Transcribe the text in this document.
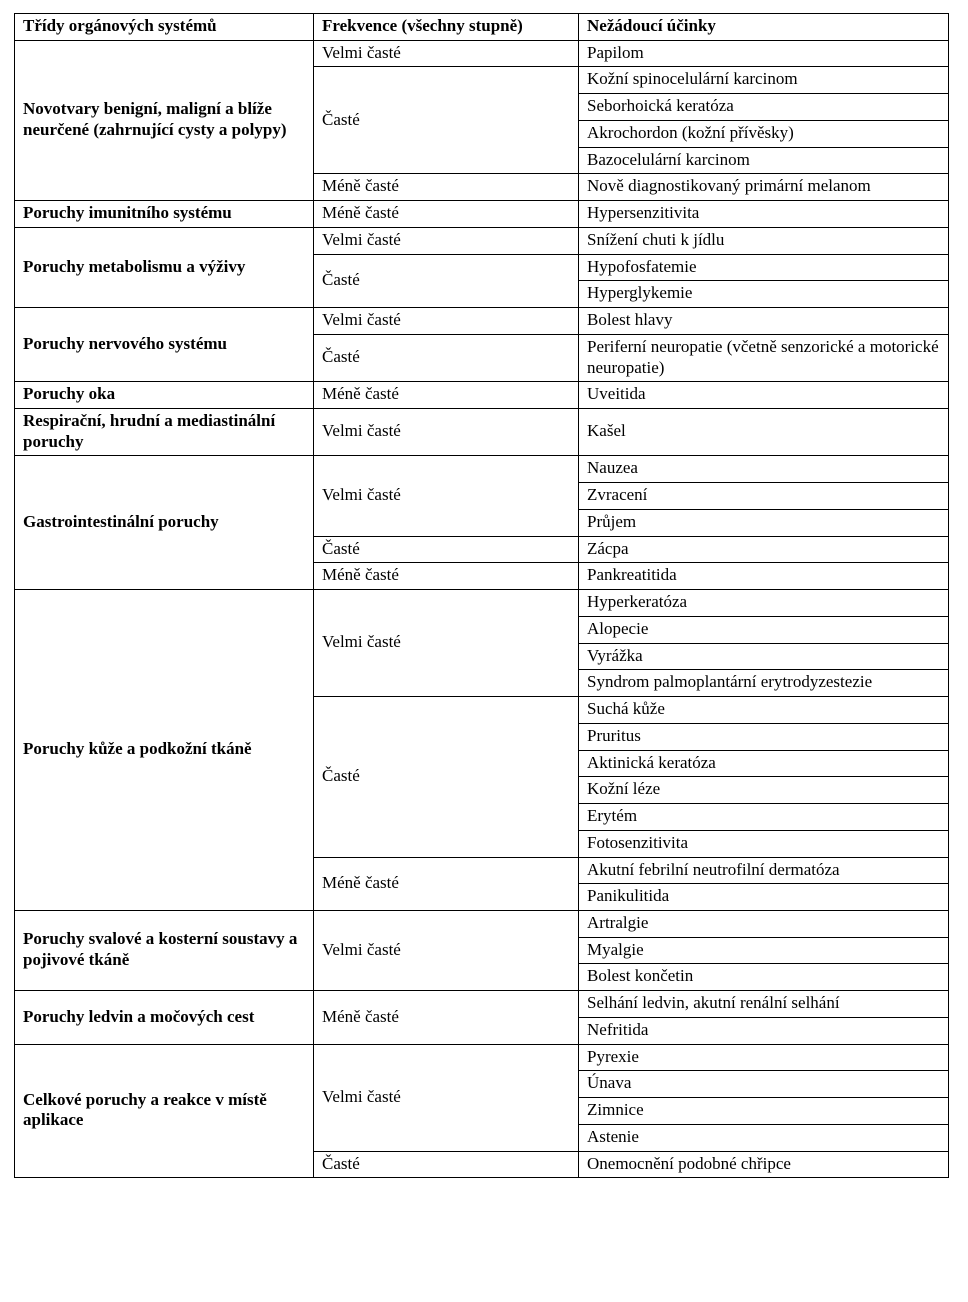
Třídy orgánových systémů	Frekvence (všechny stupně)	Nežádoucí účinky
Novotvary benigní, maligní a blíže neurčené (zahrnující cysty a polypy)	Velmi časté	Papilom
	Časté	Kožní spinocelulární karcinom
		Seborhoická keratóza
		Akrochordon (kožní přívěsky)
		Bazocelulární karcinom
	Méně časté	Nově diagnostikovaný primární melanom
Poruchy imunitního systému	Méně časté	Hypersenzitivita
Poruchy metabolismu a výživy	Velmi časté	Snížení chuti k jídlu
	Časté	Hypofosfatemie
		Hyperglykemie
Poruchy nervového systému	Velmi časté	Bolest hlavy
	Časté	Periferní neuropatie (včetně senzorické a motorické neuropatie)
Poruchy oka	Méně časté	Uveitida
Respirační, hrudní a mediastinální poruchy	Velmi časté	Kašel
Gastrointestinální poruchy	Velmi časté	Nauzea
		Zvracení
		Průjem
	Časté	Zácpa
	Méně časté	Pankreatitida
Poruchy kůže a podkožní tkáně	Velmi časté	Hyperkeratóza
		Alopecie
		Vyrážka
		Syndrom palmoplantární erytrodyzestezie
	Časté	Suchá kůže
		Pruritus
		Aktinická keratóza
		Kožní léze
		Erytém
		Fotosenzitivita
	Méně časté	Akutní febrilní neutrofilní dermatóza
		Panikulitida
Poruchy svalové a kosterní soustavy a pojivové tkáně	Velmi časté	Artralgie
		Myalgie
		Bolest končetin
Poruchy ledvin a močových cest	Méně časté	Selhání ledvin, akutní renální selhání
		Nefritida
Celkové poruchy a reakce v místě aplikace	Velmi časté	Pyrexie
		Únava
		Zimnice
		Astenie
	Časté	Onemocnění podobné chřipce
